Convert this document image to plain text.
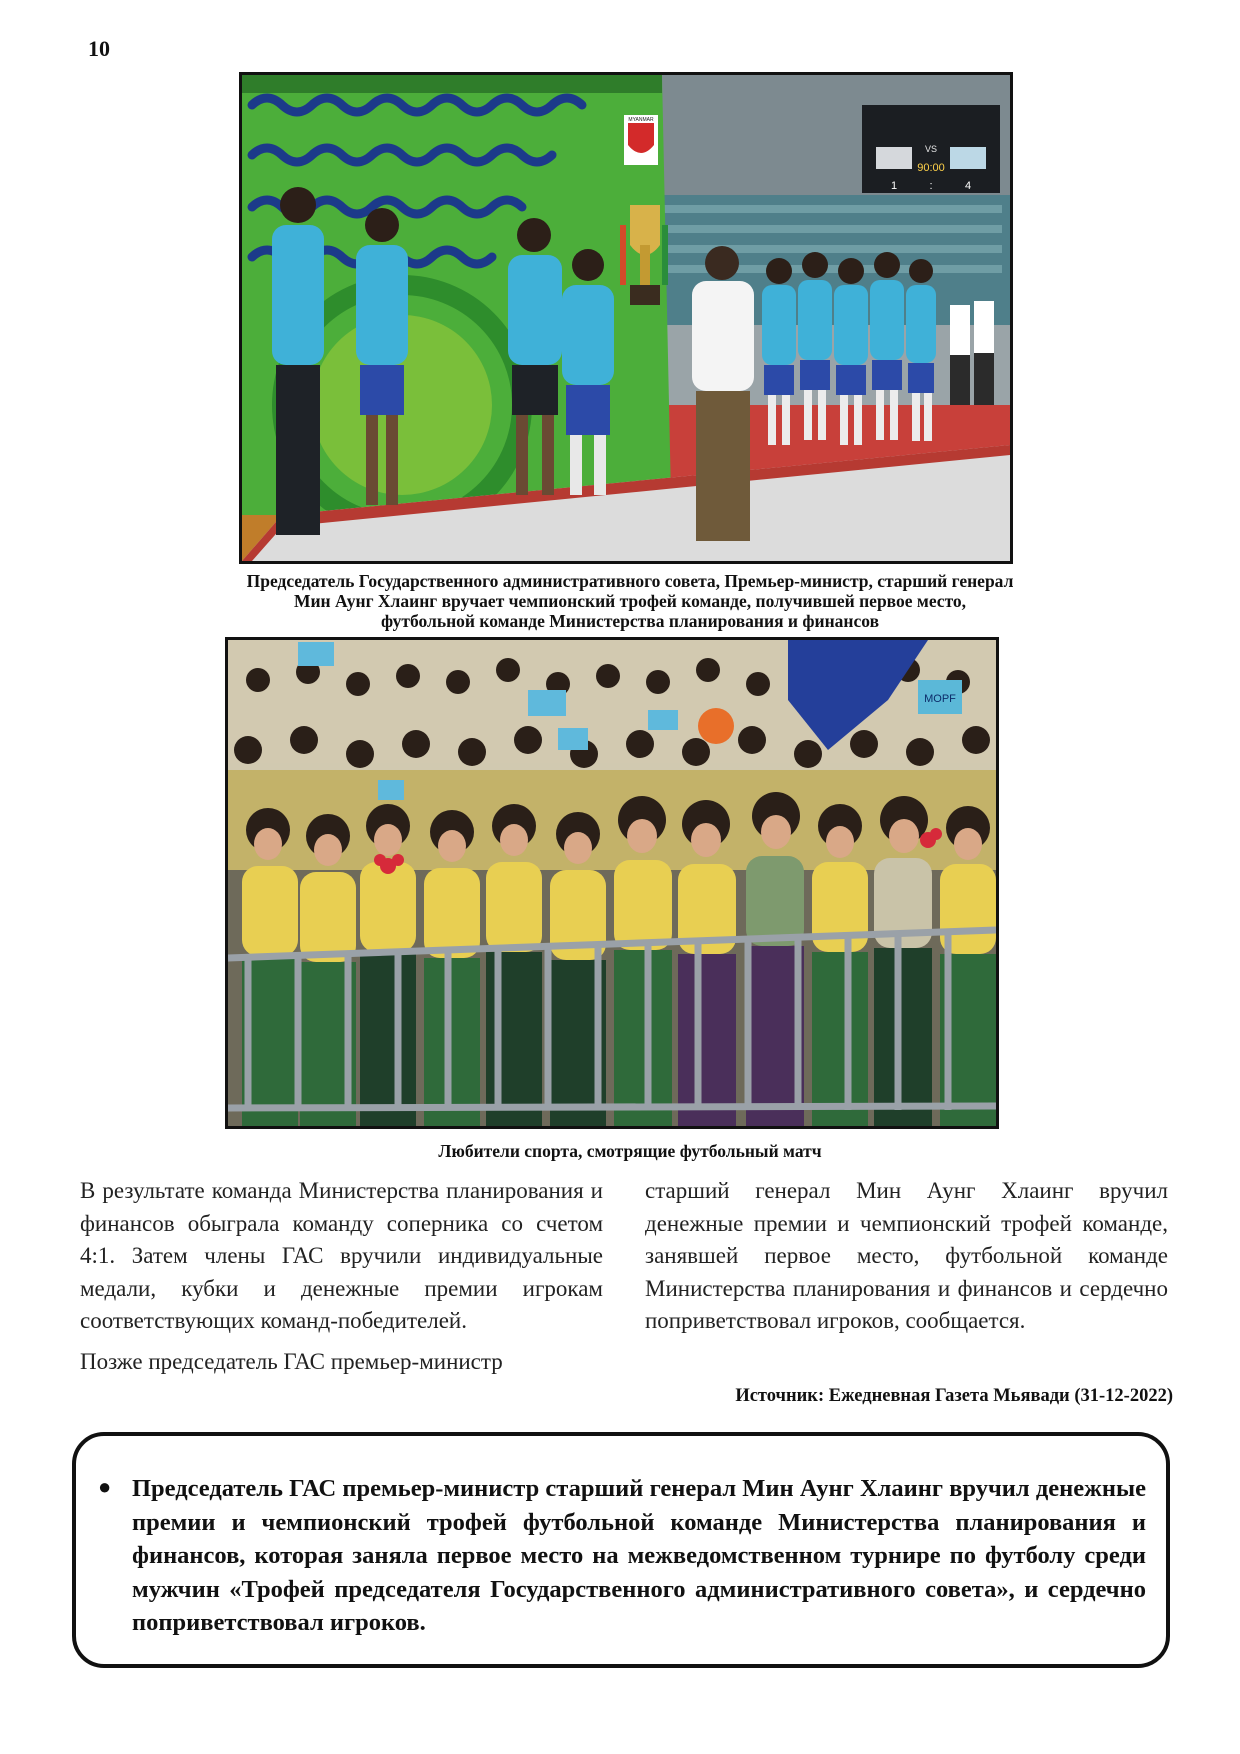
10
VS
90:00
1	:	4
MYANMAR
Председатель Государственного административного совета, Премьер-министр, старший генерал
Мин Аунг Хлаинг вручает чемпионский трофей команде, получившей первое место,
футбольной команде Министерства планирования и финансов
MOPF
Любители спорта, смотрящие футбольный матч

В результате команда Министерства планирования и финансов обыграла команду соперника со счетом 4:1. Затем члены ГАС вручили индивидуальные медали, кубки и денежные премии игрокам соответствующих команд-победителей.

Позже председатель ГАС премьер-министр

старший генерал Мин Аунг Хлаинг вручил денежные премии и чемпионский трофей команде, занявшей первое место, футбольной команде Министерства планирования и финансов и сердечно поприветствовал игроков, сообщается.

Источник: Ежедневная Газета Мьявади (31-12-2022)
● Председатель ГАС премьер-министр старший генерал Мин Аунг Хлаинг вручил денежные премии и чемпионский трофей футбольной команде Министерства планирования и финансов, которая заняла первое место на межведомственном турнире по футболу среди мужчин «Трофей председателя Государственного административного совета», и сердечно поприветствовал игроков.
